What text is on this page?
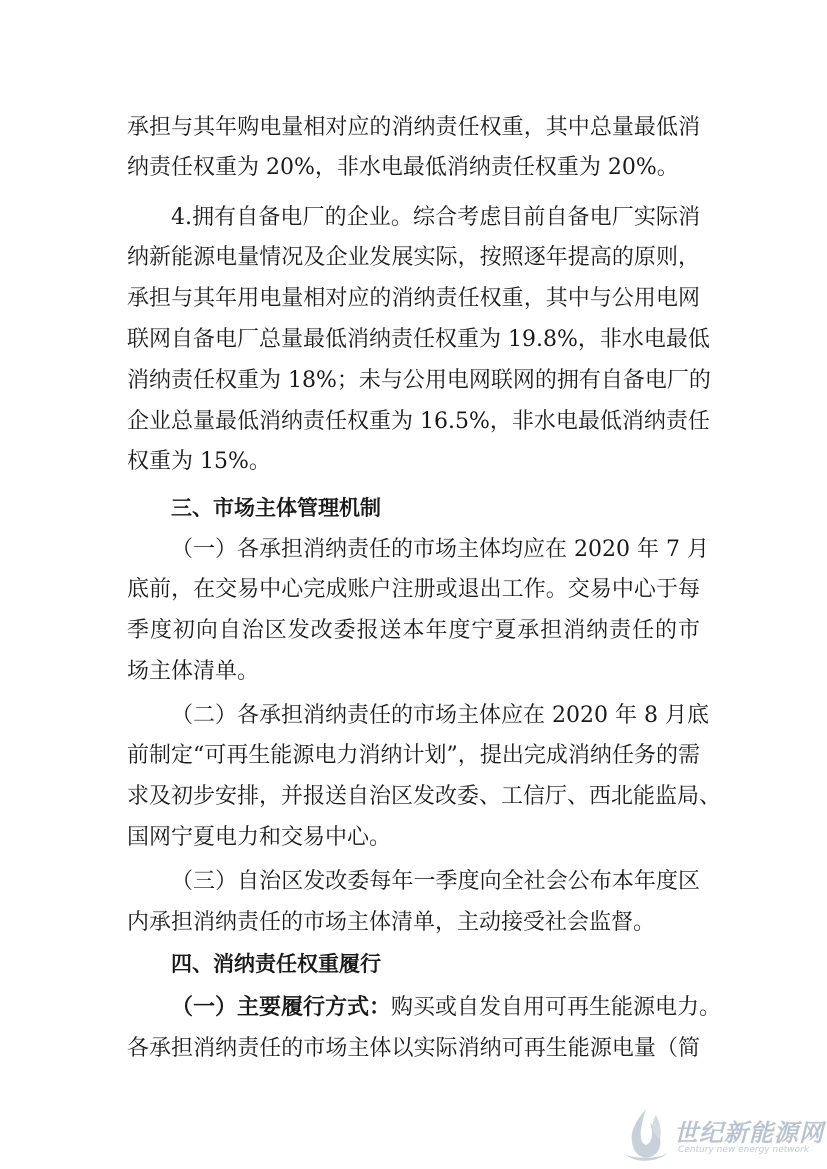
承担与其年购电量相对应的消纳责任权重，其中总量最低消
纳责任权重为 20%，非水电最低消纳责任权重为 20%。
4.拥有自备电厂的企业。综合考虑目前自备电厂实际消
纳新能源电量情况及企业发展实际，按照逐年提高的原则，
承担与其年用电量相对应的消纳责任权重，其中与公用电网
联网自备电厂总量最低消纳责任权重为 19.8%，非水电最低
消纳责任权重为 18%；未与公用电网联网的拥有自备电厂的
企业总量最低消纳责任权重为 16.5%，非水电最低消纳责任
权重为 15%。
三、市场主体管理机制
（一）各承担消纳责任的市场主体均应在 2020 年 7 月
底前，在交易中心完成账户注册或退出工作。交易中心于每
季度初向自治区发改委报送本年度宁夏承担消纳责任的市
场主体清单。
（二）各承担消纳责任的市场主体应在 2020 年 8 月底
前制定“可再生能源电力消纳计划”，提出完成消纳任务的需
求及初步安排，并报送自治区发改委、工信厅、西北能监局、
国网宁夏电力和交易中心。
（三）自治区发改委每年一季度向全社会公布本年度区
内承担消纳责任的市场主体清单，主动接受社会监督。
四、消纳责任权重履行
（一）主要履行方式：购买或自发自用可再生能源电力。
各承担消纳责任的市场主体以实际消纳可再生能源电量（简
世纪新能源网
Century new energy network
